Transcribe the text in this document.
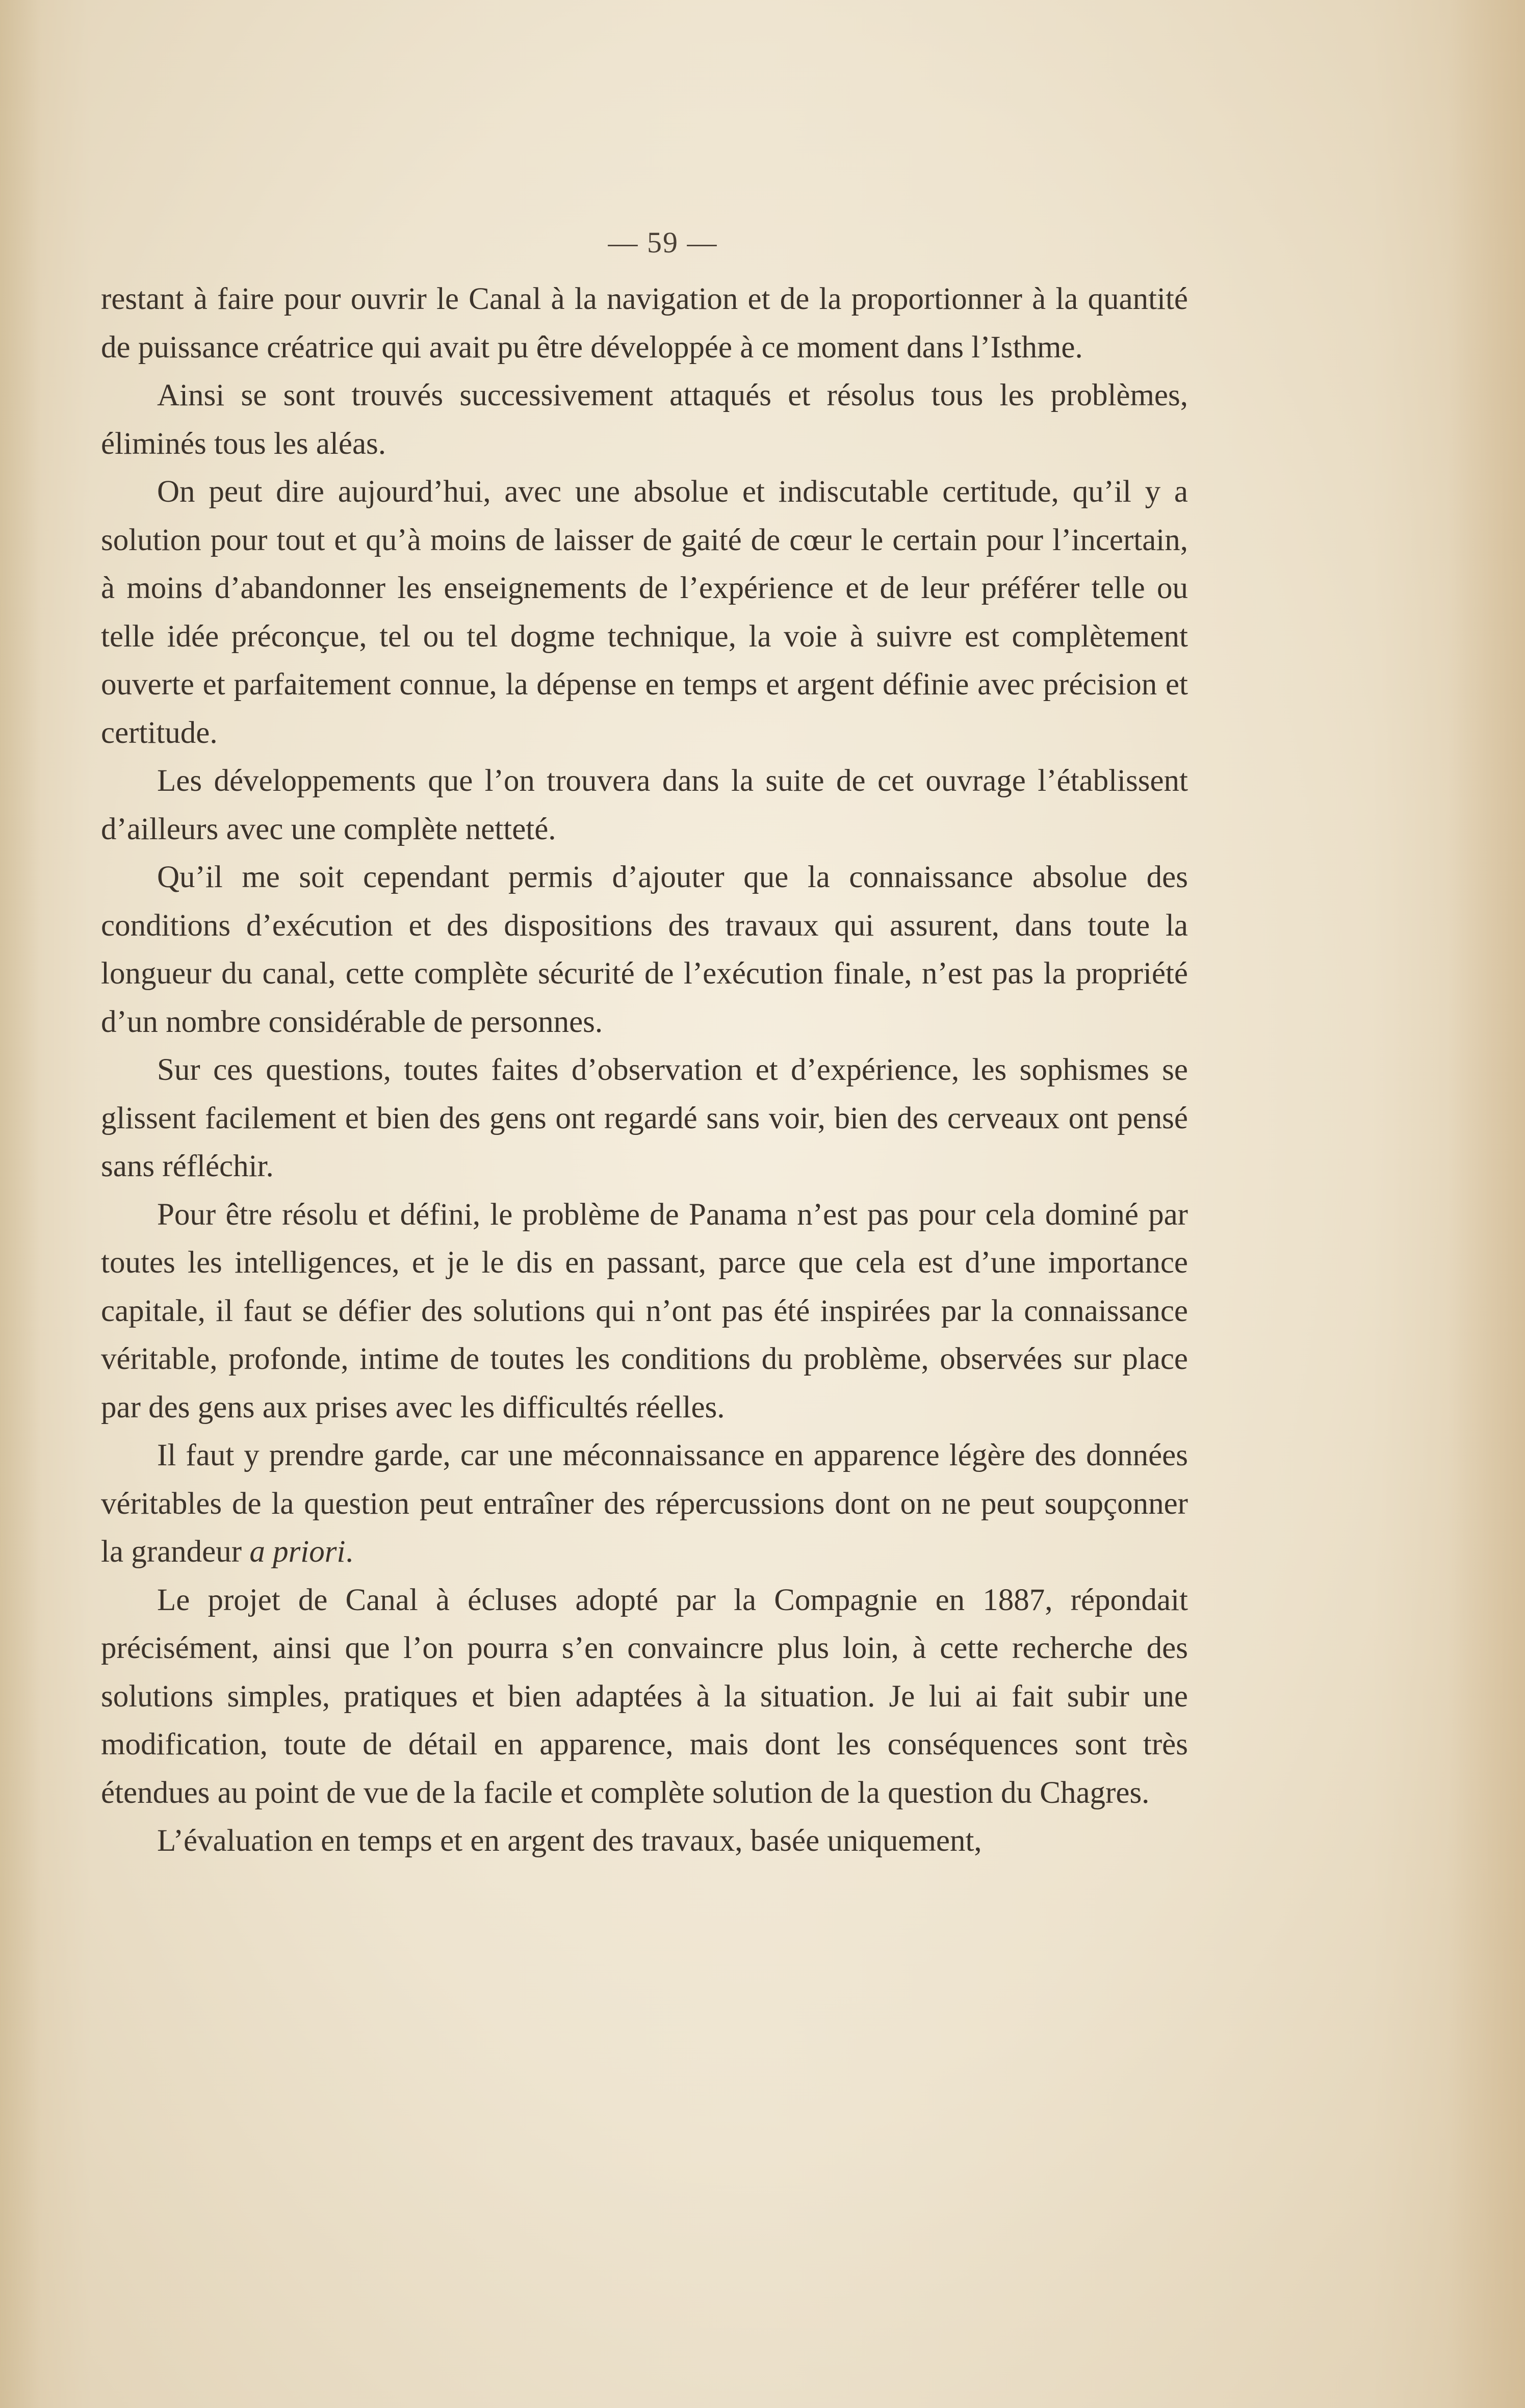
— 59 —

restant à faire pour ouvrir le Canal à la navigation et de la proportionner à la quantité de puissance créatrice qui avait pu être développée à ce moment dans l’Isthme.

Ainsi se sont trouvés successivement attaqués et résolus tous les problèmes, éliminés tous les aléas.

On peut dire aujourd’hui, avec une absolue et indiscutable certitude, qu’il y a solution pour tout et qu’à moins de laisser de gaité de cœur le certain pour l’incertain, à moins d’abandonner les enseignements de l’expérience et de leur préférer telle ou telle idée préconçue, tel ou tel dogme technique, la voie à suivre est complètement ouverte et parfaitement connue, la dépense en temps et argent définie avec précision et certitude.

Les développements que l’on trouvera dans la suite de cet ouvrage l’établissent d’ailleurs avec une complète netteté.

Qu’il me soit cependant permis d’ajouter que la connaissance absolue des conditions d’exécution et des dispositions des travaux qui assurent, dans toute la longueur du canal, cette complète sécurité de l’exécution finale, n’est pas la propriété d’un nombre considérable de personnes.

Sur ces questions, toutes faites d’observation et d’expérience, les sophismes se glissent facilement et bien des gens ont regardé sans voir, bien des cerveaux ont pensé sans réfléchir.

Pour être résolu et défini, le problème de Panama n’est pas pour cela dominé par toutes les intelligences, et je le dis en passant, parce que cela est d’une importance capitale, il faut se défier des solutions qui n’ont pas été inspirées par la connaissance véritable, profonde, intime de toutes les conditions du problème, observées sur place par des gens aux prises avec les difficultés réelles.

Il faut y prendre garde, car une méconnaissance en apparence légère des données véritables de la question peut entraîner des répercussions dont on ne peut soupçonner la grandeur a priori.

Le projet de Canal à écluses adopté par la Compagnie en 1887, répondait précisément, ainsi que l’on pourra s’en convaincre plus loin, à cette recherche des solutions simples, pratiques et bien adaptées à la situation. Je lui ai fait subir une modification, toute de détail en apparence, mais dont les conséquences sont très étendues au point de vue de la facile et complète solution de la question du Chagres.

L’évaluation en temps et en argent des travaux, basée uniquement,
